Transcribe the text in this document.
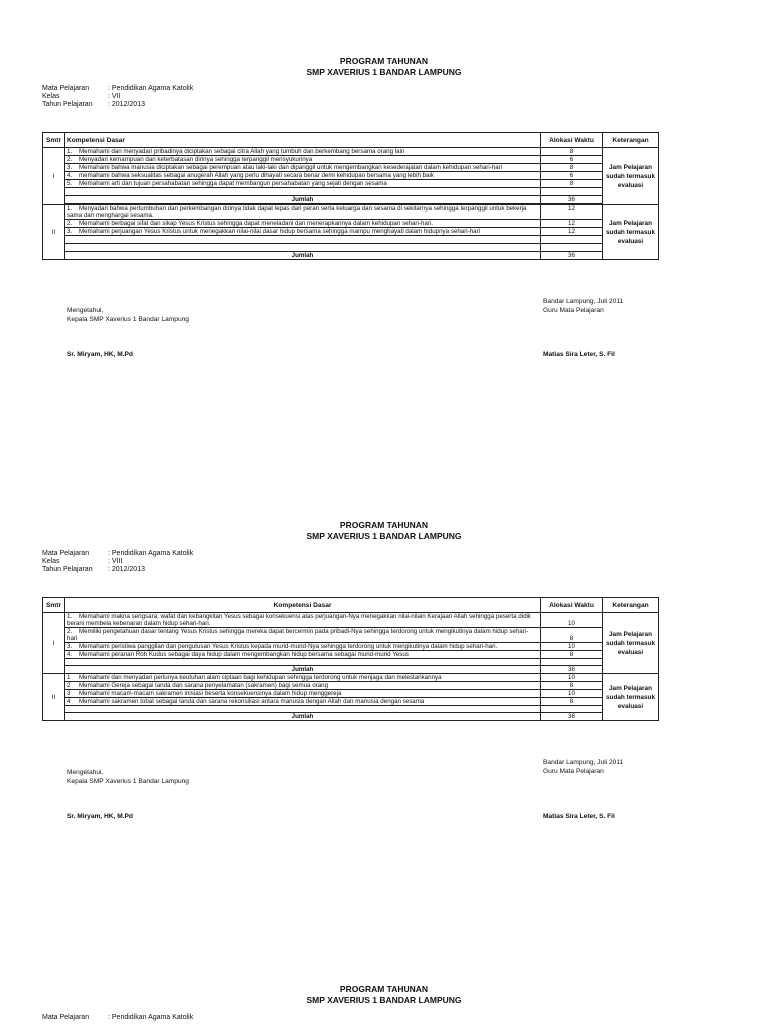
PROGRAM TAHUNAN
SMP XAVERIUS 1 BANDAR LAMPUNG
Mata Pelajaran	: Pendidikan Agama Katolik
Kelas	: VII
Tahun Pelajaran : 2012/2013
Smtr	Kompetensi Dasar	Alokasi Waktu	Keterangan
I	1. Memahami dan menyadari pribadinya diciptakan sebagai citra Allah yang tumbuh dan berkembang bersama orang lain	8	Jam Pelajaran sudah termasuk evaluasi
	2. Menyadari kemampuan dan keterbatasan dirinya sehingga terpanggil mensyukurinya	6	
	3. Memahami bahwa manusia diciptakan sebagai perempuan atau laki-laki dan dipanggil untuk mengembangkan kesederajatan dalam kehidupan sehari-hari	8	
	4. memahami bahwa seksualitas sebagai anugerah Allah yang perlu dihayati secara benar demi kehidupan bersama yang lebih baik	6	
	5. Memahami arti dan tujuan persahabatan sehingga dapat membangun persahabatan yang sejati dengan sesama	8	

	Jumlah	36	

II	1. Menyadari bahwa pertumbuhan dan perkembangan dirinya tidak dapat lepas dari peran serta keluarga dan sesama di sekitarnya sehingga terpanggil untuk bekerja sama dan menghargai sesama.	12	Jam Pelajaran sudah termasuk evaluasi
	2. Memahami berbagai sifat dan sikap Yesus Kristus sehingga dapat meneladani dan menerapkannya dalam kehidupan sehari-hari.	12	
	3. Memahami perjuangan Yesus Kristus untuk menegakkan nilai-nilai dasar hidup bersama sehingga mampu menghayati dalam hidupnya sehari-hari	12	

	Jumlah	36	
Bandar Lampung, Juli 2011
Guru Mata Pelajaran
Mengetahui,
Kepala SMP Xaverius 1 Bandar Lampung
Sr. Miryam, HK, M.Pd	Matias Sira Leter, S. Fil
PROGRAM TAHUNAN
SMP XAVERIUS 1 BANDAR LAMPUNG
Mata Pelajaran	: Pendidikan Agama Katolik
Kelas	: VIII
Tahun Pelajaran : 2012/2013
Smtr	Kompetensi Dasar	Alokasi Waktu	Keterangan
I	1. Memahami makna sengsara, wafat dan kebangkitan Yesus sebagai konsekuensi atas perjuangan-Nya menegakkan nilai-nilain Kerajaan Allah sehingga peserta didik berani membela kebenaran dalam hidup sehari-hari.	10	Jam Pelajaran sudah termasuk evaluasi
	2. Memiliki pengetahuan dasar tentang Yesus Kristus sehingga mereka dapat bercermin pada pribadi-Nya sehingga terdorong untuk mengikutinya dalam hidup sehari-hari	8	
	3. Memahami peristiwa panggilan dan pengutusan Yesus Kristus kepada murid-murid-Nya sehingga terdorong untuk mengikutinya dalam hidup sehari-hari.	10	
	4. Memahami peranan Roh Kudus sebagai daya hidup dalam mengembangkan hidup bersama sebagai murid-murid Yesus	8	

	Jumlah	36	
II	1 Memahami dan menyadari perlunya keutuhan alam ciptaan bagi kehidupan sehingga terdorong untuk menjaga dan melestarikannya	10	Jam Pelajaran sudah termasuk evaluasi
	2 Memahami Gereja sebagai tanda dan sarana penyelamatan (sakramen) bagi semua orang	8	
	3 Memahami macam-macam sakramen inisiasi beserta konsekuensinya dalam hidup menggereja	10	
	4 Memahami sakramen tobat sebagai tanda dan sarana rekonsiliasi antara manusia dengan Allah dan manusia dengan sesama	8	

	Jumlah	36	
Bandar Lampung, Juli 2011
Guru Mata Pelajaran
Mengetahui,
Kepala SMP Xaverius 1 Bandar Lampung
Sr. Miryam, HK, M.Pd	Matias Sira Leter, S. Fil
PROGRAM TAHUNAN
SMP XAVERIUS 1 BANDAR LAMPUNG
Mata Pelajaran	: Pendidikan Agama Katolik
